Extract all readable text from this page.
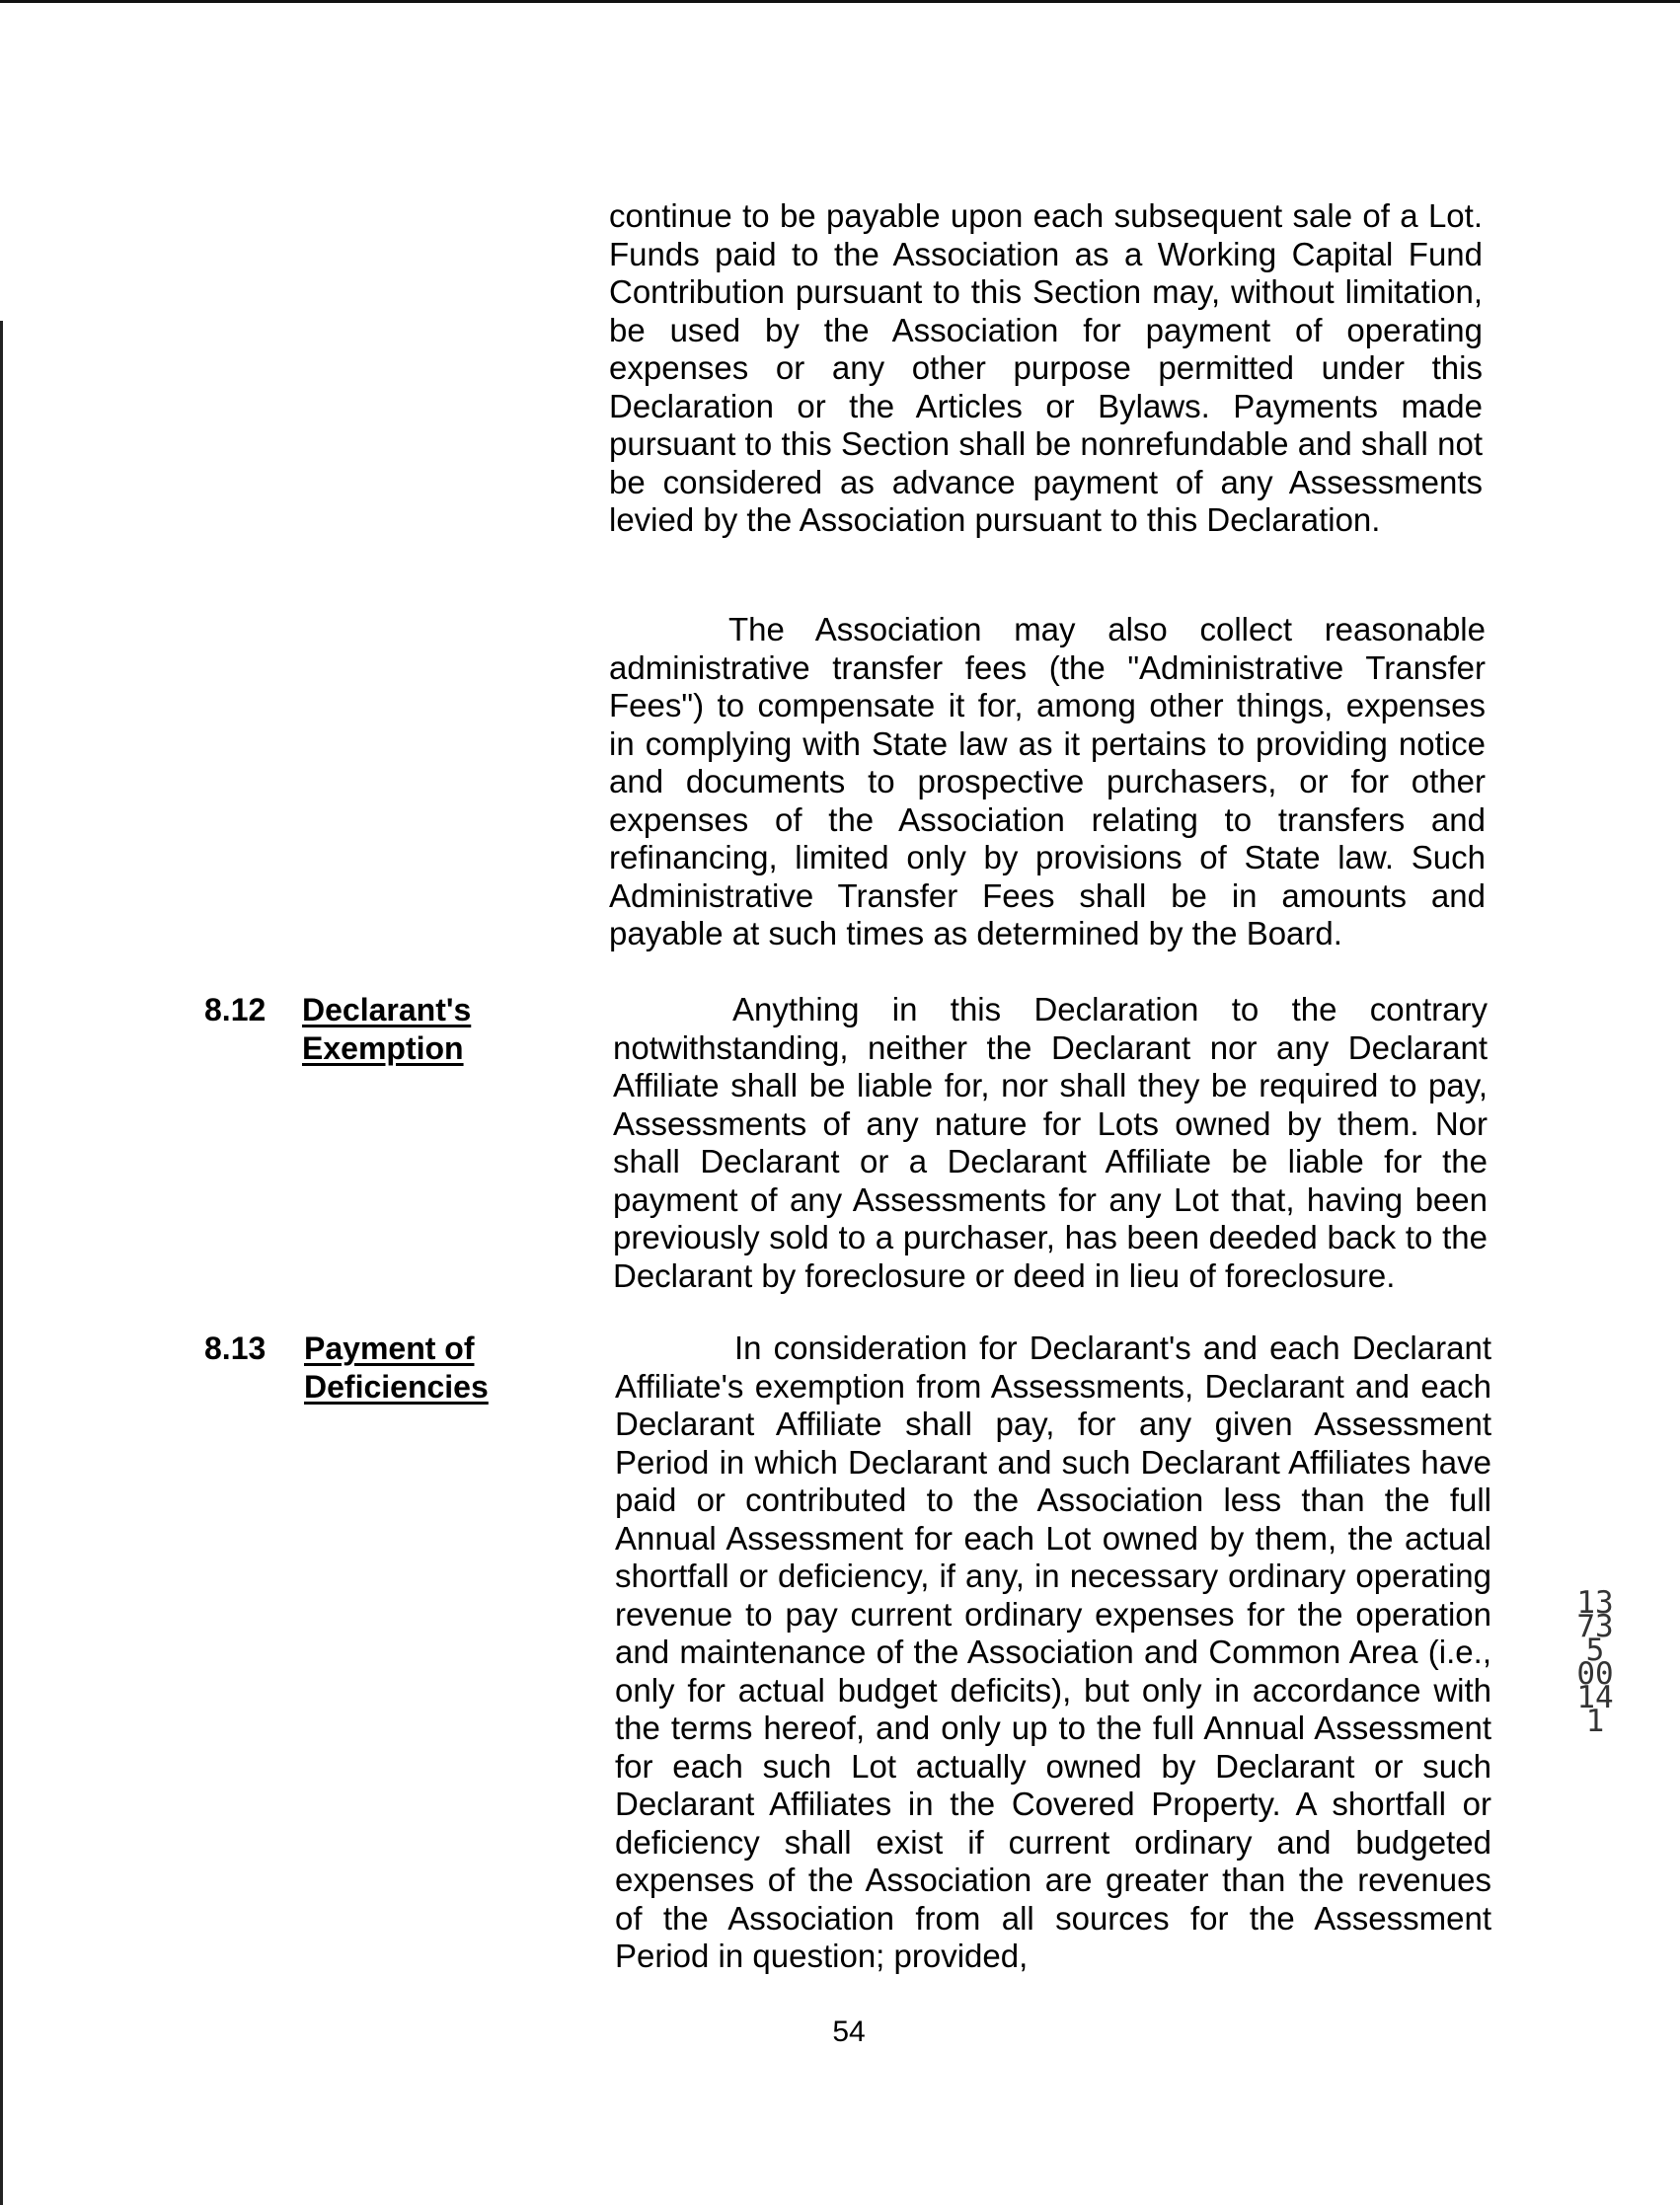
continue to be payable upon each subsequent sale of a Lot. Funds paid to the Association as a Working Capital Fund Contribution pursuant to this Section may, without limitation, be used by the Association for payment of operating expenses or any other purpose permitted under this Declaration or the Articles or Bylaws. Payments made pursuant to this Section shall be nonrefundable and shall not be considered as advance payment of any Assessments levied by the Association pursuant to this Declaration.
The Association may also collect reasonable administrative transfer fees (the "Administrative Transfer Fees") to compensate it for, among other things, expenses in complying with State law as it pertains to providing notice and documents to prospective purchasers, or for other expenses of the Association relating to transfers and refinancing, limited only by provisions of State law. Such Administrative Transfer Fees shall be in amounts and payable at such times as determined by the Board.
8.12 Declarant's
Exemption
Anything in this Declaration to the contrary notwithstanding, neither the Declarant nor any Declarant Affiliate shall be liable for, nor shall they be required to pay, Assessments of any nature for Lots owned by them. Nor shall Declarant or a Declarant Affiliate be liable for the payment of any Assessments for any Lot that, having been previously sold to a purchaser, has been deeded back to the Declarant by foreclosure or deed in lieu of foreclosure.
8.13 Payment of
Deficiencies
In consideration for Declarant's and each Declarant Affiliate's exemption from Assessments, Declarant and each Declarant Affiliate shall pay, for any given Assessment Period in which Declarant and such Declarant Affiliates have paid or contributed to the Association less than the full Annual Assessment for each Lot owned by them, the actual shortfall or deficiency, if any, in necessary ordinary operating revenue to pay current ordinary expenses for the operation and maintenance of the Association and Common Area (i.e., only for actual budget deficits), but only in accordance with the terms hereof, and only up to the full Annual Assessment for each such Lot actually owned by Declarant or such Declarant Affiliates in the Covered Property. A shortfall or deficiency shall exist if current ordinary and budgeted expenses of the Association are greater than the revenues of the Association from all sources for the Assessment Period in question; provided,
54
13735 00141
